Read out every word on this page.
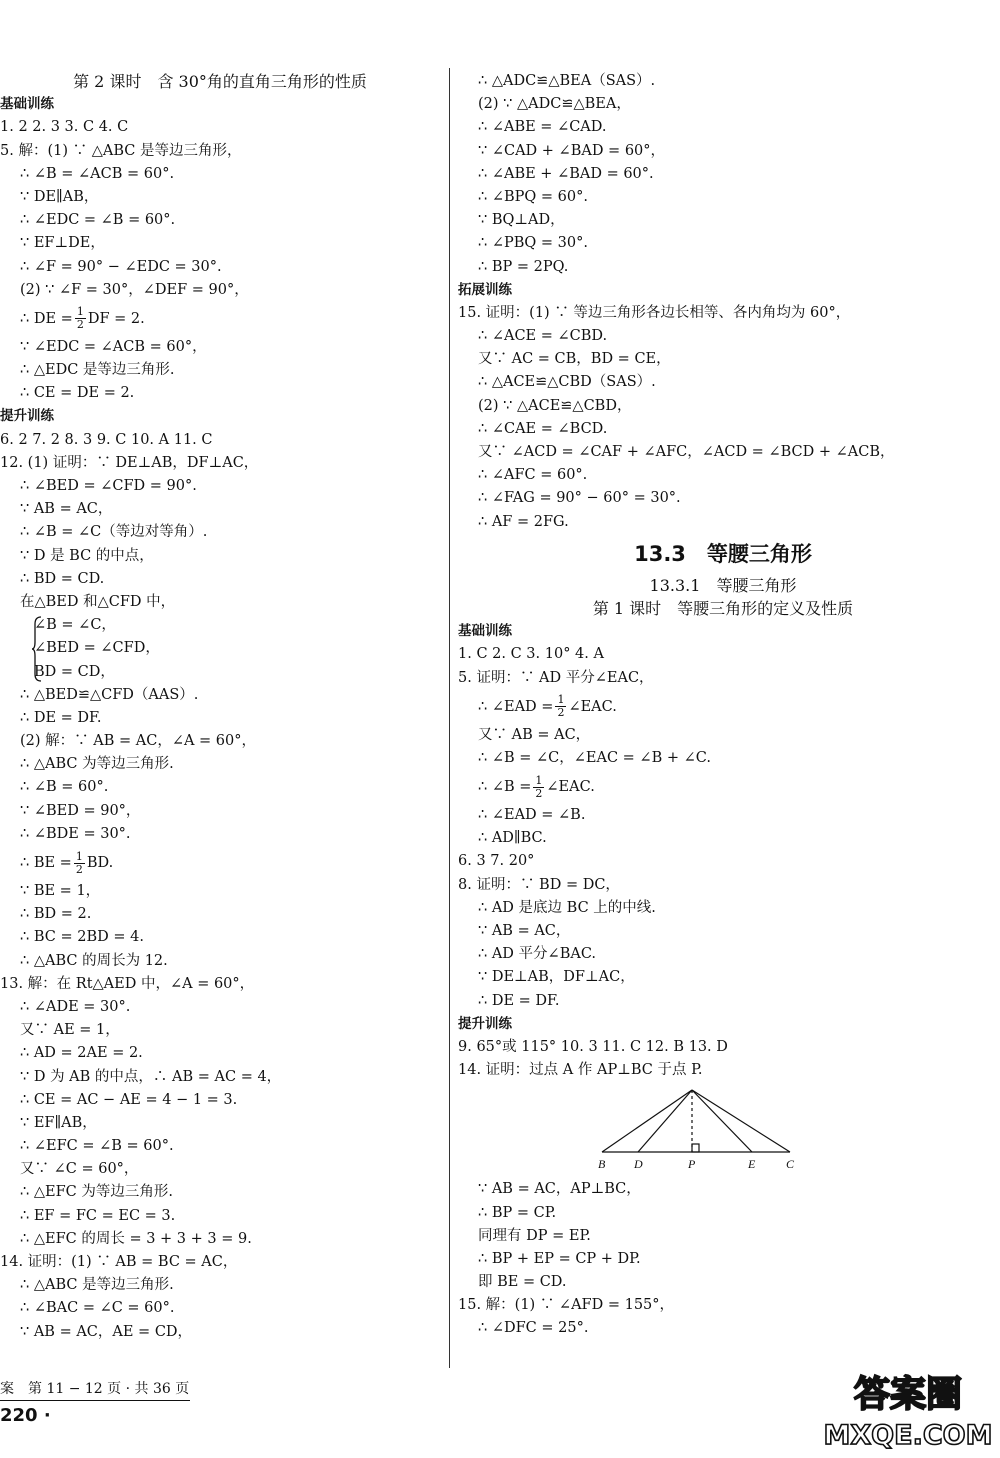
第 2 课时　含 30°角的直角三角形的性质
基础训练
1. 2 2. 3 3. C 4. C
5. 解：(1) ∵ △ABC 是等边三角形，
∴ ∠B = ∠ACB = 60°.
∵ DE∥AB，
∴ ∠EDC = ∠B = 60°.
∵ EF⊥DE，
∴ ∠F = 90° − ∠EDC = 30°.
(2) ∵ ∠F = 30°，∠DEF = 90°，
∴ DE = $\frac{1}{2}$ DF = 2.
∵ ∠EDC = ∠ACB = 60°，
∴ △EDC 是等边三角形.
∴ CE = DE = 2.
提升训练
6. 2 7. 2 8. 3 9. C 10. A 11. C
12. (1) 证明：∵ DE⊥AB，DF⊥AC，
∴ ∠BED = ∠CFD = 90°.
∵ AB = AC，
∴ ∠B = ∠C（等边对等角）.
∵ D 是 BC 的中点，
∴ BD = CD.
在△BED 和△CFD 中，
∠B = ∠C，
∠BED = ∠CFD，
BD = CD，
∴ △BED≌△CFD（AAS）.
∴ DE = DF.
(2) 解：∵ AB = AC，∠A = 60°，
∴ △ABC 为等边三角形.
∴ ∠B = 60°.
∵ ∠BED = 90°，
∴ ∠BDE = 30°.
∴ BE = $\frac{1}{2}$ BD.
∵ BE = 1，
∴ BD = 2.
∴ BC = 2BD = 4.
∴ △ABC 的周长为 12.
13. 解：在 Rt△AED 中，∠A = 60°，
∴ ∠ADE = 30°.
又∵ AE = 1，
∴ AD = 2AE = 2.
∵ D 为 AB 的中点，∴ AB = AC = 4，
∴ CE = AC − AE = 4 − 1 = 3.
∵ EF∥AB，
∴ ∠EFC = ∠B = 60°.
又∵ ∠C = 60°，
∴ △EFC 为等边三角形.
∴ EF = FC = EC = 3.
∴ △EFC 的周长 = 3 + 3 + 3 = 9.
14. 证明：(1) ∵ AB = BC = AC，
∴ △ABC 是等边三角形.
∴ ∠BAC = ∠C = 60°.
∵ AB = AC，AE = CD，
∴ △ADC≌△BEA（SAS）.
(2) ∵ △ADC≌△BEA，
∴ ∠ABE = ∠CAD.
∵ ∠CAD + ∠BAD = 60°，
∴ ∠ABE + ∠BAD = 60°.
∴ ∠BPQ = 60°.
∵ BQ⊥AD，
∴ ∠PBQ = 30°.
∴ BP = 2PQ.
拓展训练
15. 证明：(1) ∵ 等边三角形各边长相等、各内角均为 60°，
∴ ∠ACE = ∠CBD.
又∵ AC = CB，BD = CE，
∴ △ACE≌△CBD（SAS）.
(2) ∵ △ACE≌△CBD，
∴ ∠CAE = ∠BCD.
又∵ ∠ACD = ∠CAF + ∠AFC，∠ACD = ∠BCD + ∠ACB，
∴ ∠AFC = 60°.
∴ ∠FAG = 90° − 60° = 30°.
∴ AF = 2FG.
13.3　等腰三角形
13.3.1　等腰三角形
第 1 课时　等腰三角形的定义及性质
基础训练
1. C 2. C 3. 10° 4. A
5. 证明：∵ AD 平分∠EAC，
∴ ∠EAD = $\frac{1}{2}$ ∠EAC.
又∵ AB = AC，
∴ ∠B = ∠C，∠EAC = ∠B + ∠C.
∴ ∠B = $\frac{1}{2}$ ∠EAC.
∴ ∠EAD = ∠B.
∴ AD∥BC.
6. 3 7. 20°
8. 证明：∵ BD = DC，
∴ AD 是底边 BC 上的中线.
∵ AB = AC，
∴ AD 平分∠BAC.
∵ DE⊥AB，DF⊥AC，
∴ DE = DF.
提升训练
9. 65°或 115° 10. 3 11. C 12. B 13. D
14. 证明：过点 A 作 AP⊥BC 于点 P.
B D	P	E	C
∵ AB = AC，AP⊥BC，
∴ BP = CP.
同理有 DP = EP.
∴ BP + EP = CP + DP.
即 BE = CD.
15. 解：(1) ∵ ∠AFD = 155°，
∴ ∠DFC = 25°.
案　第 11 − 12 页 · 共 36 页
220 ·
答案圈
MXQE.COM
